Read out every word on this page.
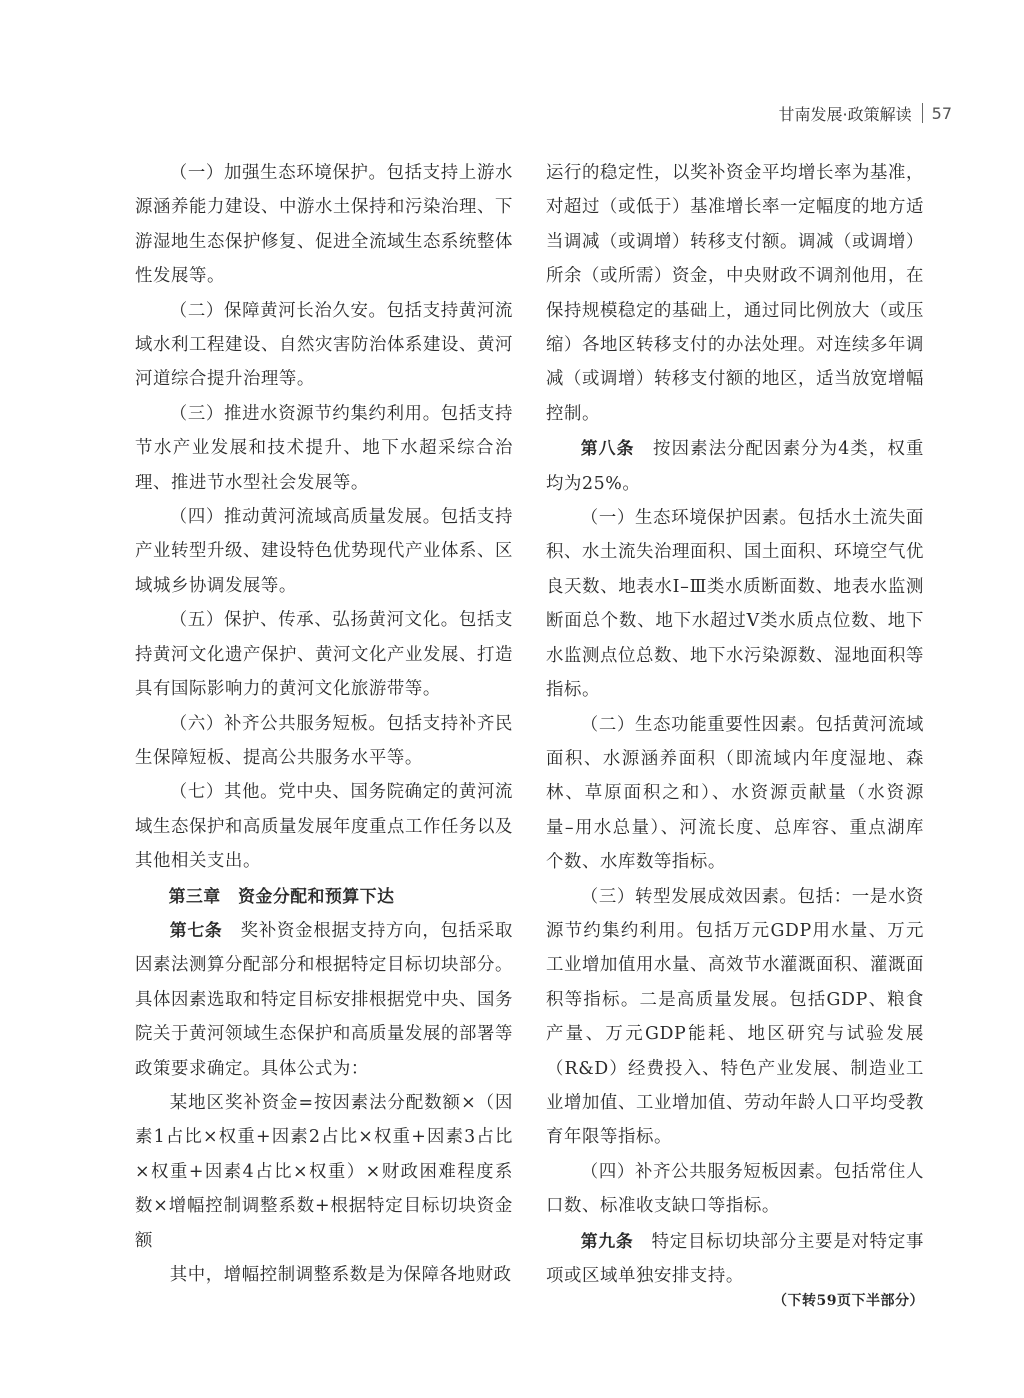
甘南发展·政策解读 57

（一）加强生态环境保护。包括支持上游水源涵养能力建设、中游水土保持和污染治理、下游湿地生态保护修复、促进全流域生态系统整体性发展等。

（二）保障黄河长治久安。包括支持黄河流域水利工程建设、自然灾害防治体系建设、黄河河道综合提升治理等。

（三）推进水资源节约集约利用。包括支持节水产业发展和技术提升、地下水超采综合治理、推进节水型社会发展等。

（四）推动黄河流域高质量发展。包括支持产业转型升级、建设特色优势现代产业体系、区域城乡协调发展等。

（五）保护、传承、弘扬黄河文化。包括支持黄河文化遗产保护、黄河文化产业发展、打造具有国际影响力的黄河文化旅游带等。

（六）补齐公共服务短板。包括支持补齐民生保障短板、提高公共服务水平等。

（七）其他。党中央、国务院确定的黄河流域生态保护和高质量发展年度重点工作任务以及其他相关支出。

第三章　资金分配和预算下达

第七条　奖补资金根据支持方向，包括采取因素法测算分配部分和根据特定目标切块部分。具体因素选取和特定目标安排根据党中央、国务院关于黄河领域生态保护和高质量发展的部署等政策要求确定。具体公式为：

某地区奖补资金=按因素法分配数额×（因素1占比×权重+因素2占比×权重+因素3占比×权重+因素4占比×权重）×财政困难程度系数×增幅控制调整系数+根据特定目标切块资金额

其中，增幅控制调整系数是为保障各地财政

运行的稳定性，以奖补资金平均增长率为基准，对超过（或低于）基准增长率一定幅度的地方适当调减（或调增）转移支付额。调减（或调增）所余（或所需）资金，中央财政不调剂他用，在保持规模稳定的基础上，通过同比例放大（或压缩）各地区转移支付的办法处理。对连续多年调减（或调增）转移支付额的地区，适当放宽增幅控制。

第八条　按因素法分配因素分为4类，权重均为25%。

（一）生态环境保护因素。包括水土流失面积、水土流失治理面积、国土面积、环境空气优良天数、地表水Ⅰ–Ⅲ类水质断面数、地表水监测断面总个数、地下水超过Ⅴ类水质点位数、地下水监测点位总数、地下水污染源数、湿地面积等指标。

（二）生态功能重要性因素。包括黄河流域面积、水源涵养面积（即流域内年度湿地、森林、草原面积之和）、水资源贡献量（水资源量–用水总量）、河流长度、总库容、重点湖库个数、水库数等指标。

（三）转型发展成效因素。包括：一是水资源节约集约利用。包括万元GDP用水量、万元工业增加值用水量、高效节水灌溉面积、灌溉面积等指标。二是高质量发展。包括GDP、粮食产量、万元GDP能耗、地区研究与试验发展（R&D）经费投入、特色产业发展、制造业工业增加值、工业增加值、劳动年龄人口平均受教育年限等指标。

（四）补齐公共服务短板因素。包括常住人口数、标准收支缺口等指标。

第九条　特定目标切块部分主要是对特定事项或区域单独安排支持。

（下转59页下半部分）
